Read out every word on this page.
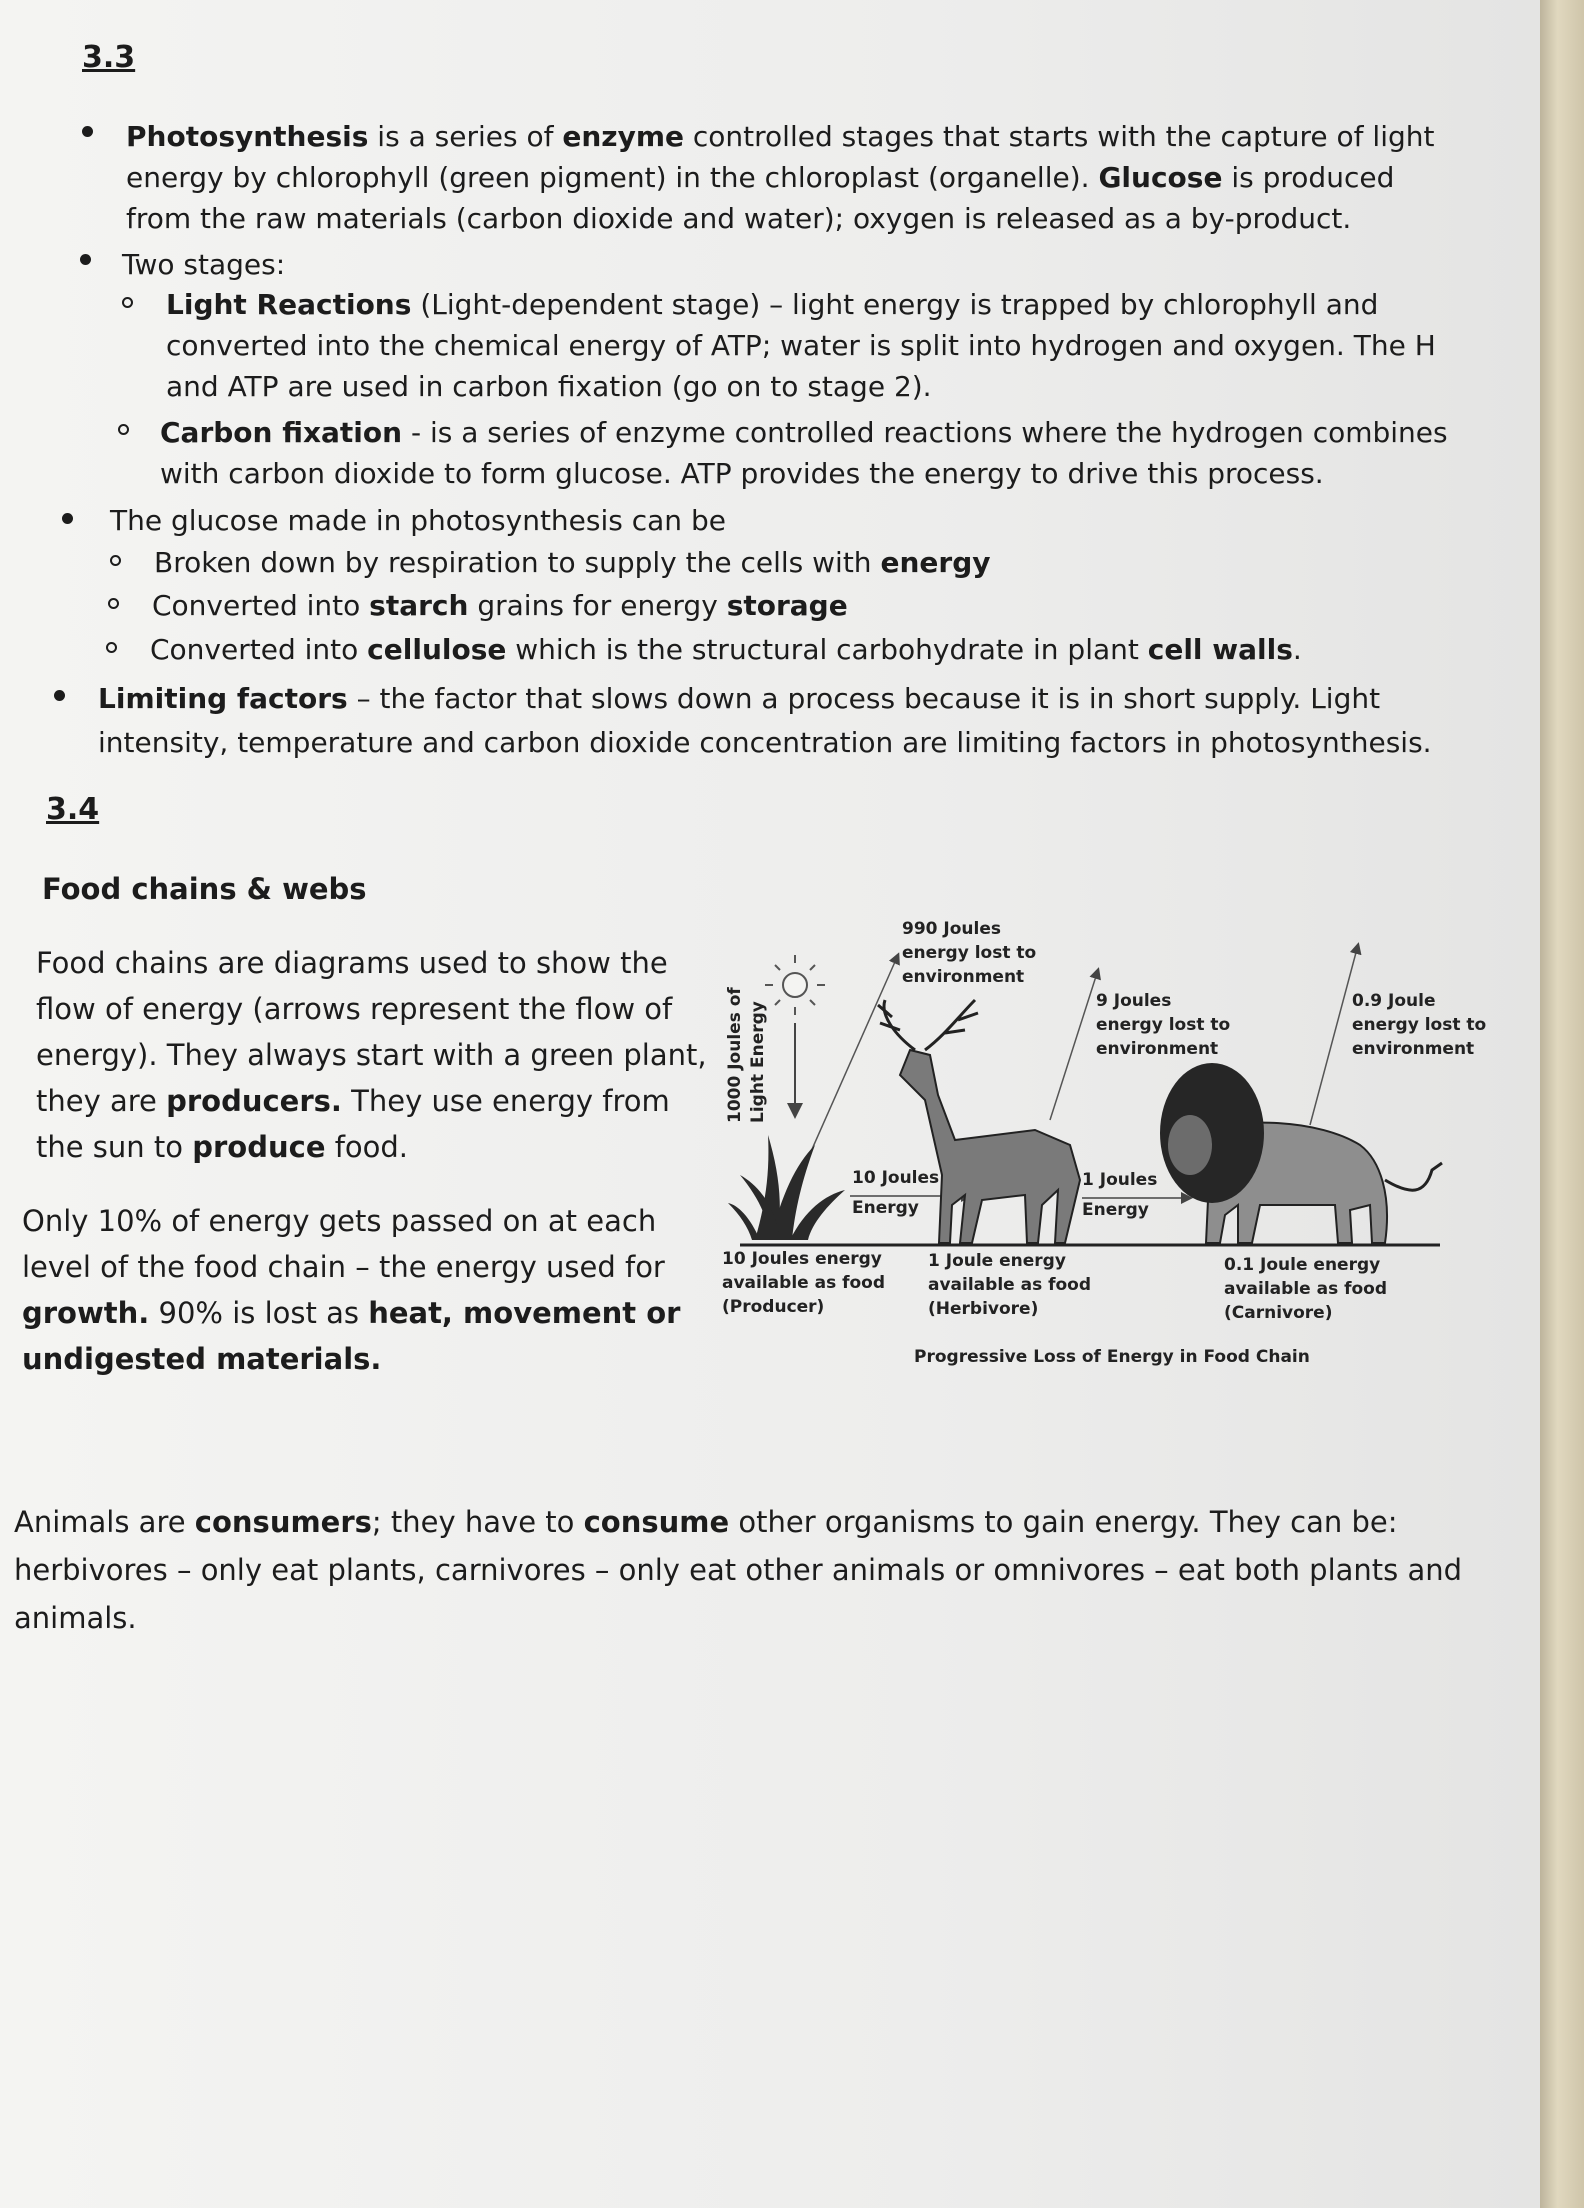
3.3

Photosynthesis is a series of enzyme controlled stages that starts with the capture of light energy by chlorophyll (green pigment) in the chloroplast (organelle). Glucose is produced from the raw materials (carbon dioxide and water); oxygen is released as a by-product.

Two stages:

Light Reactions (Light-dependent stage) – light energy is trapped by chlorophyll and converted into the chemical energy of ATP; water is split into hydrogen and oxygen. The H and ATP are used in carbon fixation (go on to stage 2).

Carbon fixation - is a series of enzyme controlled reactions where the hydrogen combines with carbon dioxide to form glucose. ATP provides the energy to drive this process.

The glucose made in photosynthesis can be

Broken down by respiration to supply the cells with energy

Converted into starch grains for energy storage

Converted into cellulose which is the structural carbohydrate in plant cell walls.

Limiting factors – the factor that slows down a process because it is in short supply. Light intensity, temperature and carbon dioxide concentration are limiting factors in photosynthesis.

3.4
Food chains & webs

Food chains are diagrams used to show the flow of energy (arrows represent the flow of energy). They always start with a green plant, they are producers. They use energy from the sun to produce food.

Only 10% of energy gets passed on at each level of the food chain – the energy used for growth. 90% is lost as heat, movement or undigested materials.

Animals are consumers; they have to consume other organisms to gain energy. They can be: herbivores – only eat plants, carnivores – only eat other animals or omnivores – eat both plants and animals.

1000 Joules of Light Energy
990 Joules
energy lost to
environment
9 Joules
energy lost to
environment
0.9 Joule
energy lost to
environment
10 Joules
Energy
1 Joules
Energy
10 Joules energy
available as food
(Producer)
1 Joule energy
available as food
(Herbivore)
0.1 Joule energy
available as food
(Carnivore)
Progressive Loss of Energy in Food Chain
